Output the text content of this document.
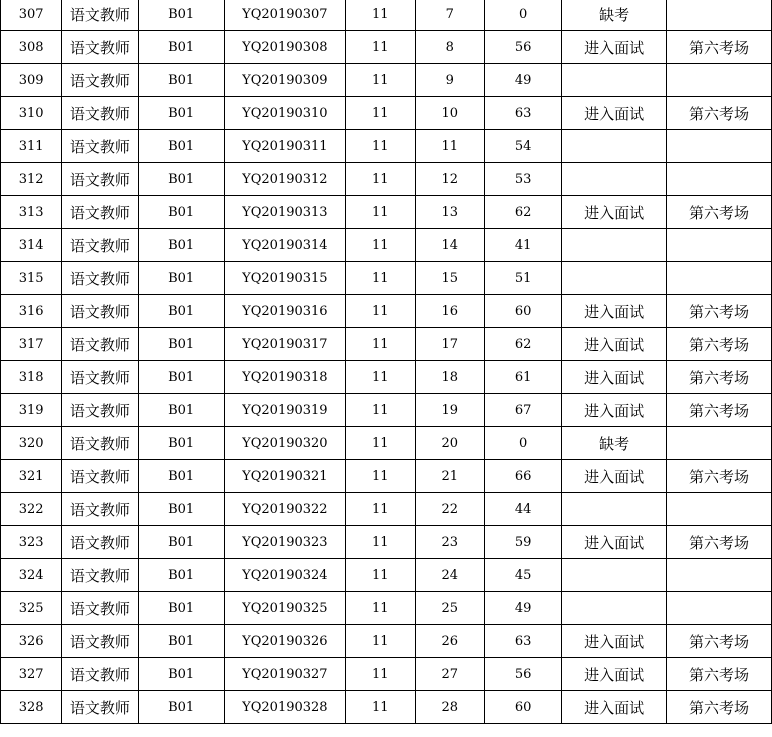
307	语文教师	B01	YQ20190307	11	7	0	缺考	
308	语文教师	B01	YQ20190308	11	8	56	进入面试	第六考场
309	语文教师	B01	YQ20190309	11	9	49		
310	语文教师	B01	YQ20190310	11	10	63	进入面试	第六考场
311	语文教师	B01	YQ20190311	11	11	54		
312	语文教师	B01	YQ20190312	11	12	53		
313	语文教师	B01	YQ20190313	11	13	62	进入面试	第六考场
314	语文教师	B01	YQ20190314	11	14	41		
315	语文教师	B01	YQ20190315	11	15	51		
316	语文教师	B01	YQ20190316	11	16	60	进入面试	第六考场
317	语文教师	B01	YQ20190317	11	17	62	进入面试	第六考场
318	语文教师	B01	YQ20190318	11	18	61	进入面试	第六考场
319	语文教师	B01	YQ20190319	11	19	67	进入面试	第六考场
320	语文教师	B01	YQ20190320	11	20	0	缺考	
321	语文教师	B01	YQ20190321	11	21	66	进入面试	第六考场
322	语文教师	B01	YQ20190322	11	22	44		
323	语文教师	B01	YQ20190323	11	23	59	进入面试	第六考场
324	语文教师	B01	YQ20190324	11	24	45		
325	语文教师	B01	YQ20190325	11	25	49		
326	语文教师	B01	YQ20190326	11	26	63	进入面试	第六考场
327	语文教师	B01	YQ20190327	11	27	56	进入面试	第六考场
328	语文教师	B01	YQ20190328	11	28	60	进入面试	第六考场
